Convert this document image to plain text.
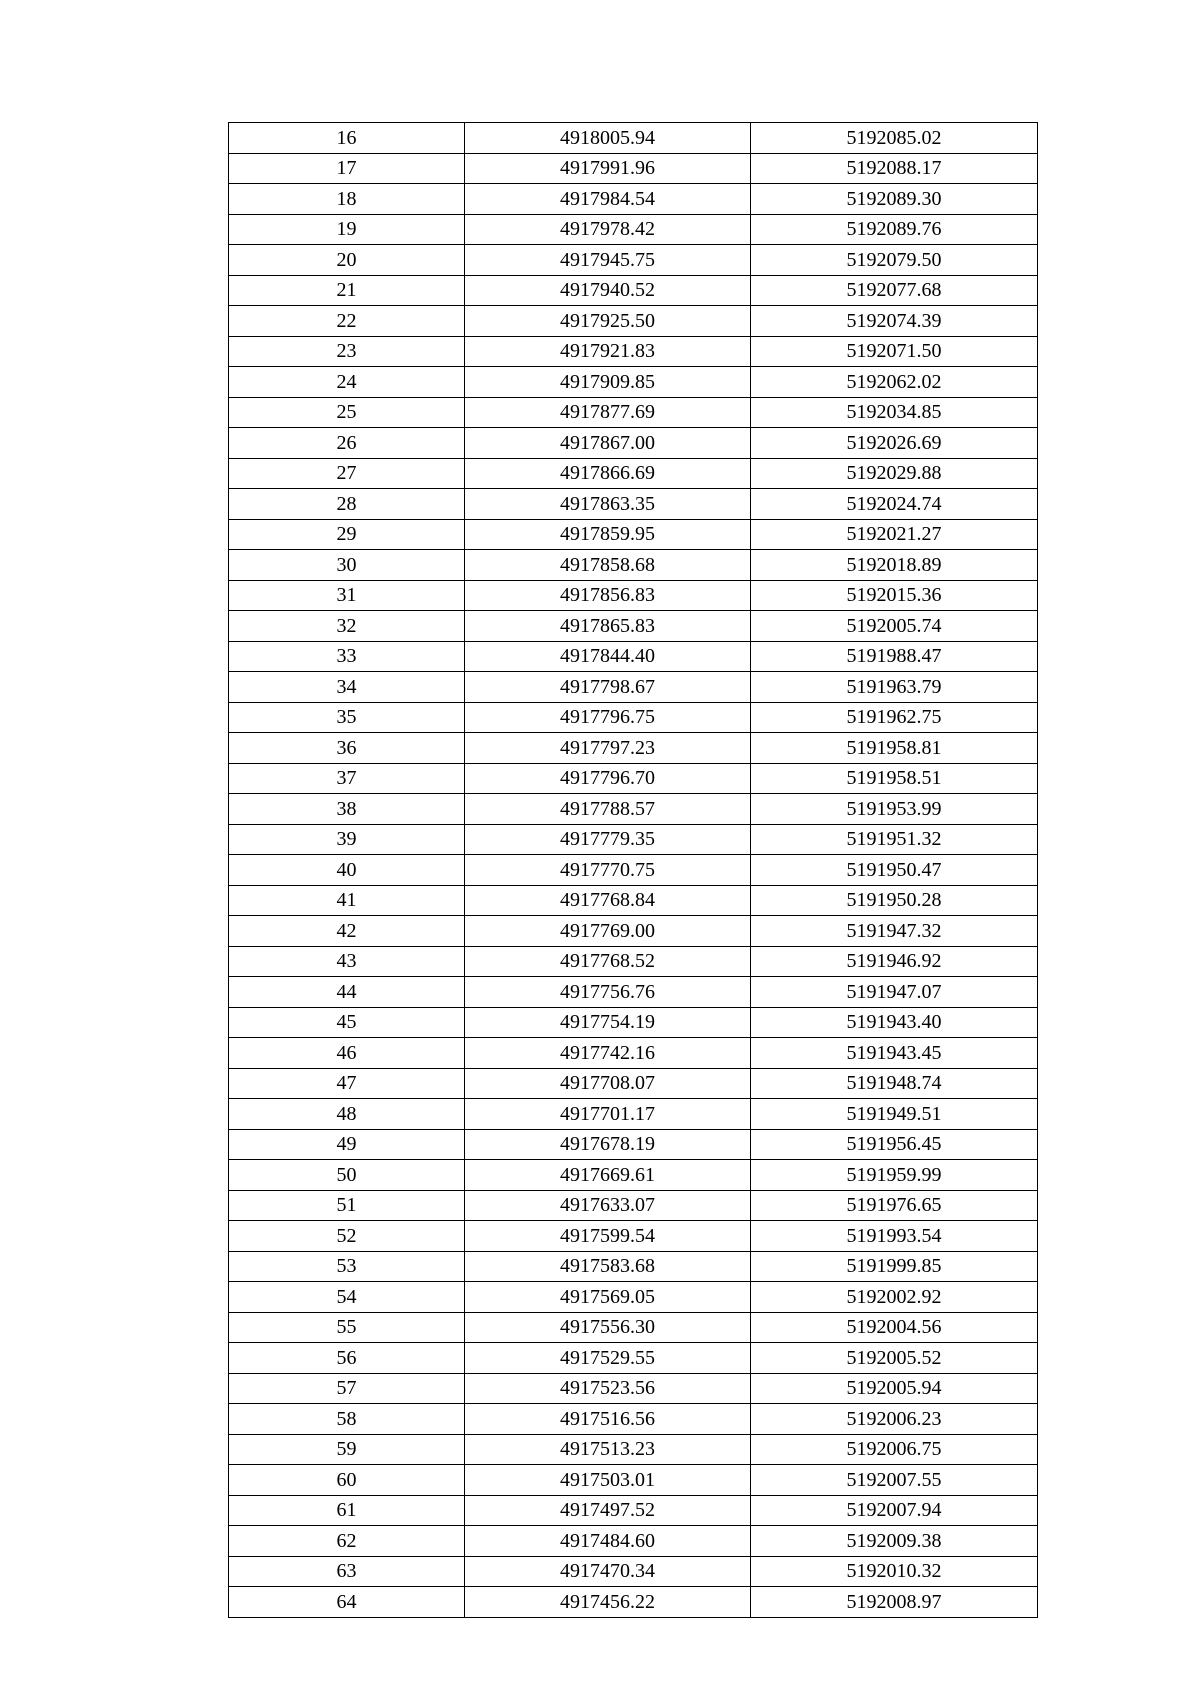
16	4918005.94	5192085.02
17	4917991.96	5192088.17
18	4917984.54	5192089.30
19	4917978.42	5192089.76
20	4917945.75	5192079.50
21	4917940.52	5192077.68
22	4917925.50	5192074.39
23	4917921.83	5192071.50
24	4917909.85	5192062.02
25	4917877.69	5192034.85
26	4917867.00	5192026.69
27	4917866.69	5192029.88
28	4917863.35	5192024.74
29	4917859.95	5192021.27
30	4917858.68	5192018.89
31	4917856.83	5192015.36
32	4917865.83	5192005.74
33	4917844.40	5191988.47
34	4917798.67	5191963.79
35	4917796.75	5191962.75
36	4917797.23	5191958.81
37	4917796.70	5191958.51
38	4917788.57	5191953.99
39	4917779.35	5191951.32
40	4917770.75	5191950.47
41	4917768.84	5191950.28
42	4917769.00	5191947.32
43	4917768.52	5191946.92
44	4917756.76	5191947.07
45	4917754.19	5191943.40
46	4917742.16	5191943.45
47	4917708.07	5191948.74
48	4917701.17	5191949.51
49	4917678.19	5191956.45
50	4917669.61	5191959.99
51	4917633.07	5191976.65
52	4917599.54	5191993.54
53	4917583.68	5191999.85
54	4917569.05	5192002.92
55	4917556.30	5192004.56
56	4917529.55	5192005.52
57	4917523.56	5192005.94
58	4917516.56	5192006.23
59	4917513.23	5192006.75
60	4917503.01	5192007.55
61	4917497.52	5192007.94
62	4917484.60	5192009.38
63	4917470.34	5192010.32
64	4917456.22	5192008.97
